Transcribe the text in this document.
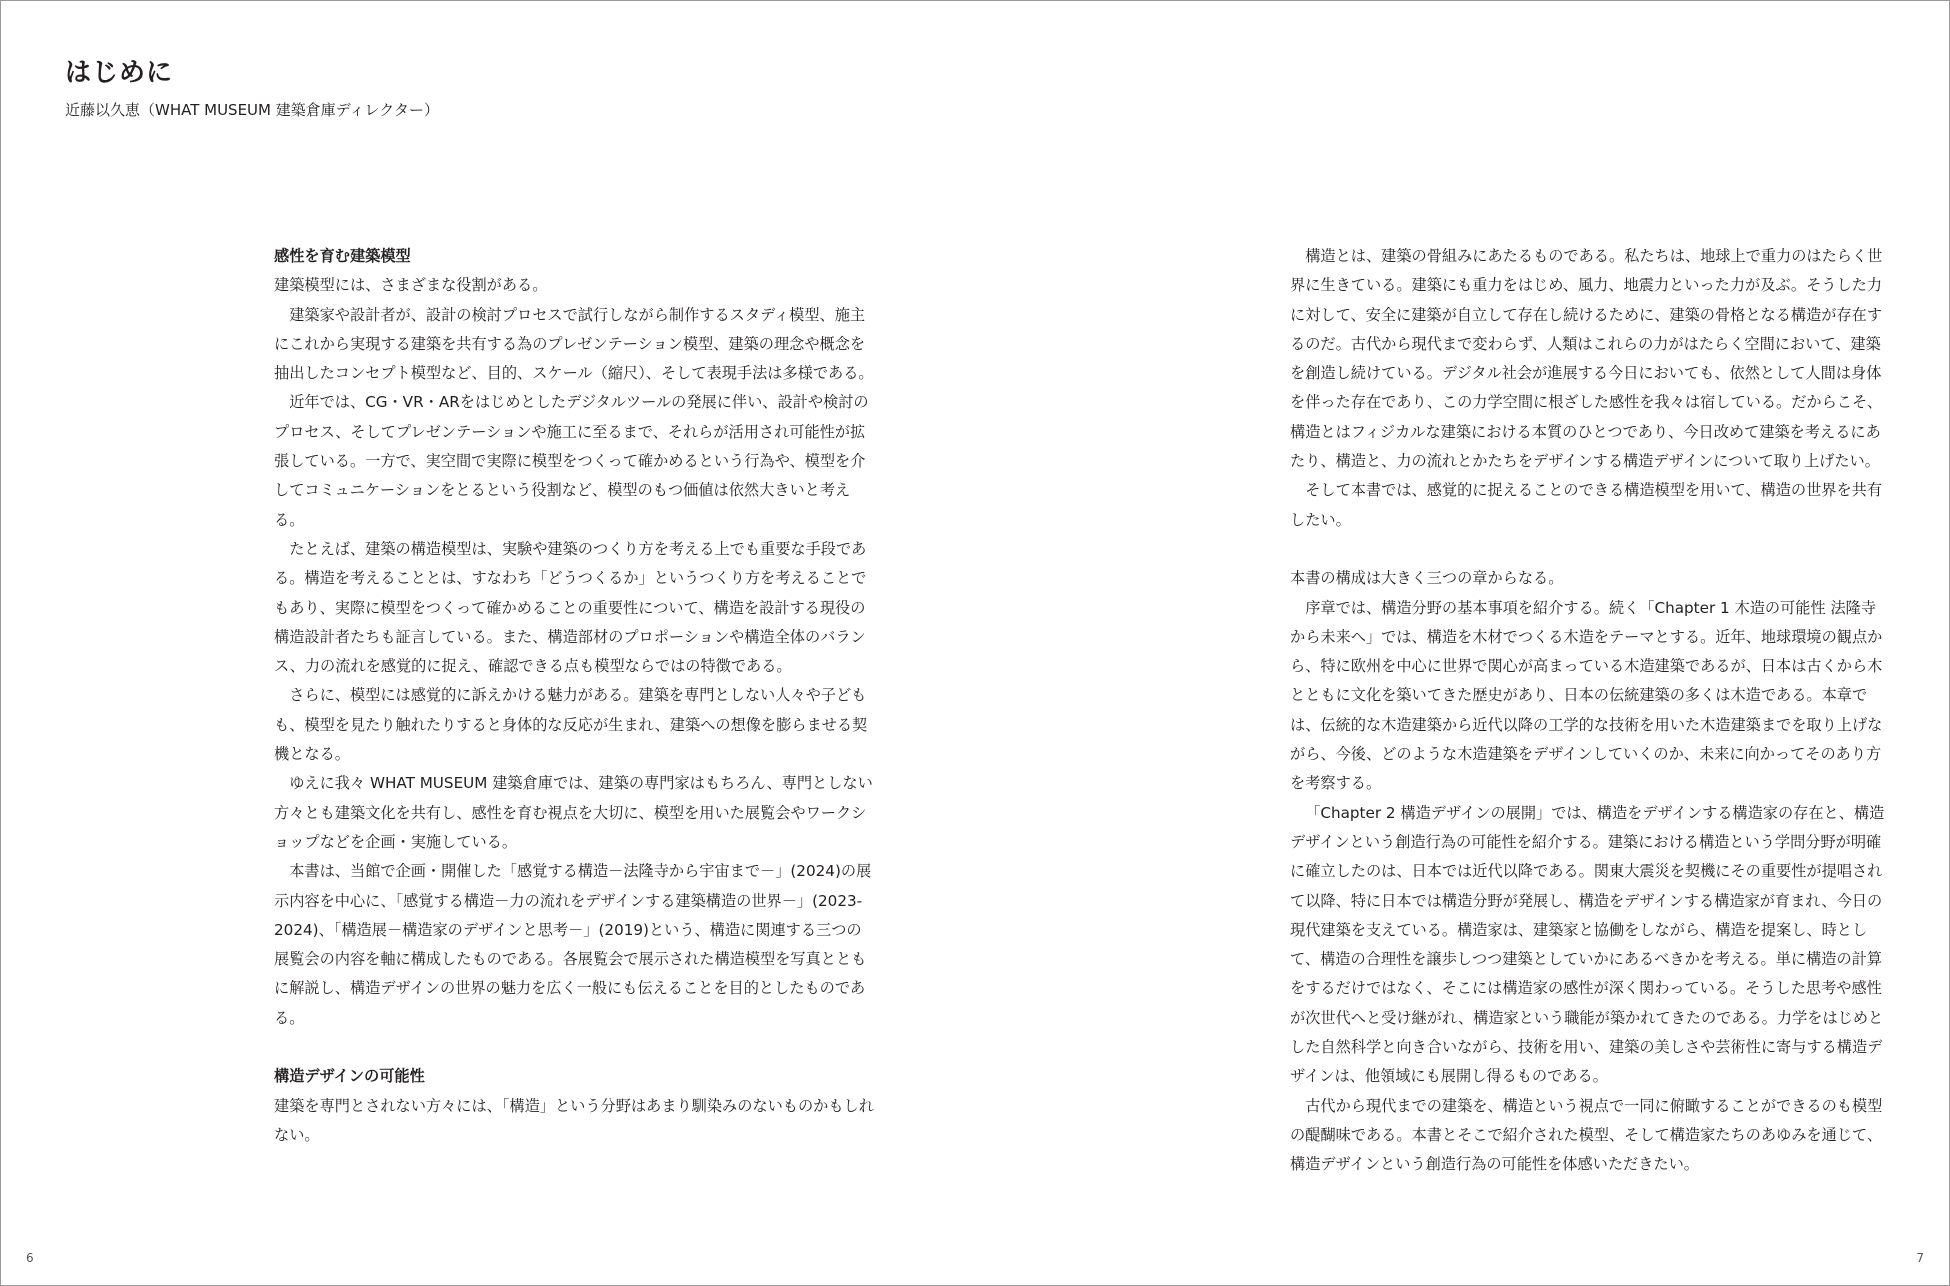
はじめに

近藤以久恵（WHAT MUSEUM 建築倉庫ディレクター）

感性を育む建築模型

建築模型には、さまざまな役割がある。

建築家や設計者が、設計の検討プロセスで試行しながら制作するスタディ模型、施主にこれから実現する建築を共有する為のプレゼンテーション模型、建築の理念や概念を抽出したコンセプト模型など、目的、スケール（縮尺）、そして表現手法は多様である。

近年では、CG・VR・ARをはじめとしたデジタルツールの発展に伴い、設計や検討のプロセス、そしてプレゼンテーションや施工に至るまで、それらが活用され可能性が拡張している。一方で、実空間で実際に模型をつくって確かめるという行為や、模型を介してコミュニケーションをとるという役割など、模型のもつ価値は依然大きいと考える。

たとえば、建築の構造模型は、実験や建築のつくり方を考える上でも重要な手段である。構造を考えることとは、すなわち「どうつくるか」というつくり方を考えることでもあり、実際に模型をつくって確かめることの重要性について、構造を設計する現役の構造設計者たちも証言している。また、構造部材のプロポーションや構造全体のバランス、力の流れを感覚的に捉え、確認できる点も模型ならではの特徴である。

さらに、模型には感覚的に訴えかける魅力がある。建築を専門としない人々や子どもも、模型を見たり触れたりすると身体的な反応が生まれ、建築への想像を膨らませる契機となる。

ゆえに我々 WHAT MUSEUM 建築倉庫では、建築の専門家はもちろん、専門としない方々とも建築文化を共有し、感性を育む視点を大切に、模型を用いた展覧会やワークショップなどを企画・実施している。

本書は、当館で企画・開催した「感覚する構造－法隆寺から宇宙まで－」(2024)の展示内容を中心に、「感覚する構造－力の流れをデザインする建築構造の世界－」(2023-2024)、「構造展－構造家のデザインと思考－」(2019)という、構造に関連する三つの展覧会の内容を軸に構成したものである。各展覧会で展示された構造模型を写真とともに解説し、構造デザインの世界の魅力を広く一般にも伝えることを目的としたものである。

構造デザインの可能性

建築を専門とされない方々には、「構造」という分野はあまり馴染みのないものかもしれない。

構造とは、建築の骨組みにあたるものである。私たちは、地球上で重力のはたらく世界に生きている。建築にも重力をはじめ、風力、地震力といった力が及ぶ。そうした力に対して、安全に建築が自立して存在し続けるために、建築の骨格となる構造が存在するのだ。古代から現代まで変わらず、人類はこれらの力がはたらく空間において、建築を創造し続けている。デジタル社会が進展する今日においても、依然として人間は身体を伴った存在であり、この力学空間に根ざした感性を我々は宿している。だからこそ、構造とはフィジカルな建築における本質のひとつであり、今日改めて建築を考えるにあたり、構造と、力の流れとかたちをデザインする構造デザインについて取り上げたい。

そして本書では、感覚的に捉えることのできる構造模型を用いて、構造の世界を共有したい。

本書の構成は大きく三つの章からなる。

序章では、構造分野の基本事項を紹介する。続く「Chapter 1 木造の可能性 法隆寺から未来へ」では、構造を木材でつくる木造をテーマとする。近年、地球環境の観点から、特に欧州を中心に世界で関心が高まっている木造建築であるが、日本は古くから木とともに文化を築いてきた歴史があり、日本の伝統建築の多くは木造である。本章では、伝統的な木造建築から近代以降の工学的な技術を用いた木造建築までを取り上げながら、今後、どのような木造建築をデザインしていくのか、未来に向かってそのあり方を考察する。

「Chapter 2 構造デザインの展開」では、構造をデザインする構造家の存在と、構造デザインという創造行為の可能性を紹介する。建築における構造という学問分野が明確に確立したのは、日本では近代以降である。関東大震災を契機にその重要性が提唱されて以降、特に日本では構造分野が発展し、構造をデザインする構造家が育まれ、今日の現代建築を支えている。構造家は、建築家と協働をしながら、構造を提案し、時として、構造の合理性を譲歩しつつ建築としていかにあるべきかを考える。単に構造の計算をするだけではなく、そこには構造家の感性が深く関わっている。そうした思考や感性が次世代へと受け継がれ、構造家という職能が築かれてきたのである。力学をはじめとした自然科学と向き合いながら、技術を用い、建築の美しさや芸術性に寄与する構造デザインは、他領域にも展開し得るものである。

古代から現代までの建築を、構造という視点で一同に俯瞰することができるのも模型の醍醐味である。本書とそこで紹介された模型、そして構造家たちのあゆみを通じて、構造デザインという創造行為の可能性を体感いただきたい。

6	7
